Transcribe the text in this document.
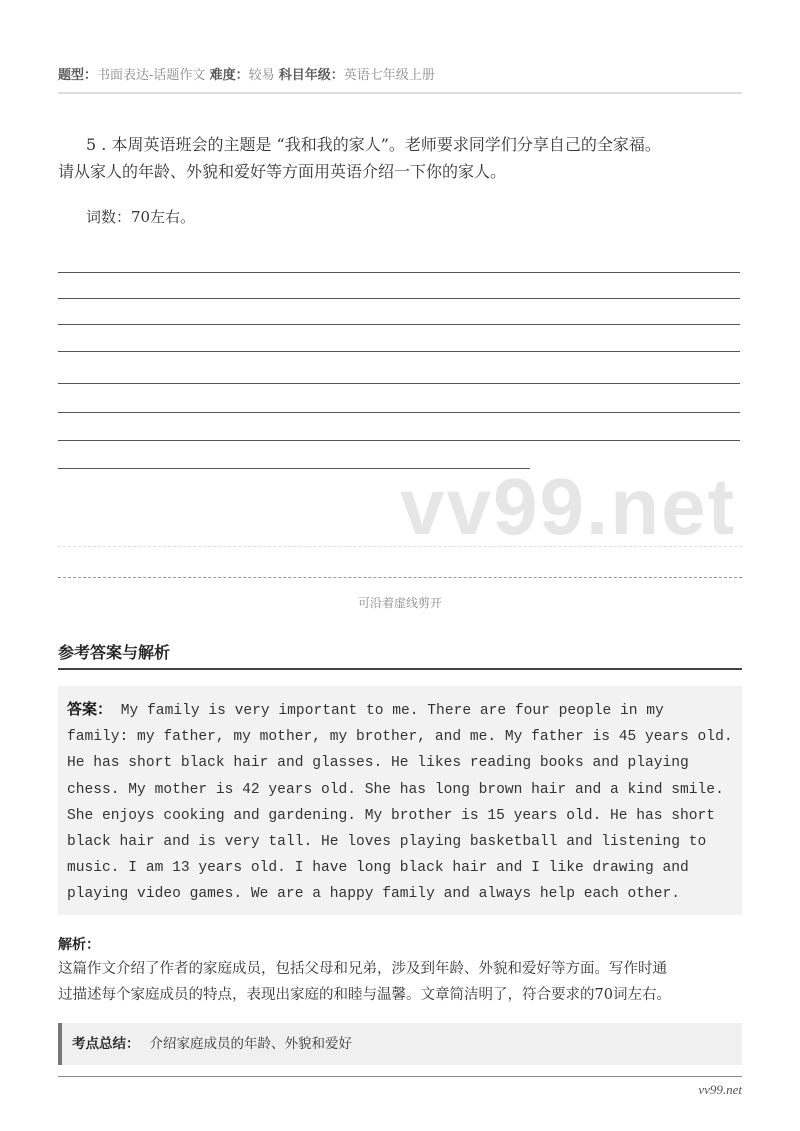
题型：书面表达-话题作文 难度：较易 科目年级：英语七年级上册
5 . 本周英语班会的主题是 “我和我的家人”。老师要求同学们分享自己的全家福。
请从家人的年龄、外貌和爱好等方面用英语介绍一下你的家人。
词数：70左右。
vv99.net
可沿着虚线剪开
参考答案与解析
答案： My family is very important to me. There are four people in my
family: my father, my mother, my brother, and me. My father is 45 years old.
He has short black hair and glasses. He likes reading books and playing
chess. My mother is 42 years old. She has long brown hair and a kind smile.
She enjoys cooking and gardening. My brother is 15 years old. He has short
black hair and is very tall. He loves playing basketball and listening to
music. I am 13 years old. I have long black hair and I like drawing and
playing video games. We are a happy family and always help each other.
解析：
这篇作文介绍了作者的家庭成员，包括父母和兄弟，涉及到年龄、外貌和爱好等方面。写作时通
过描述每个家庭成员的特点，表现出家庭的和睦与温馨。文章简洁明了，符合要求的70词左右。
考点总结： 介绍家庭成员的年龄、外貌和爱好
vv99.net
